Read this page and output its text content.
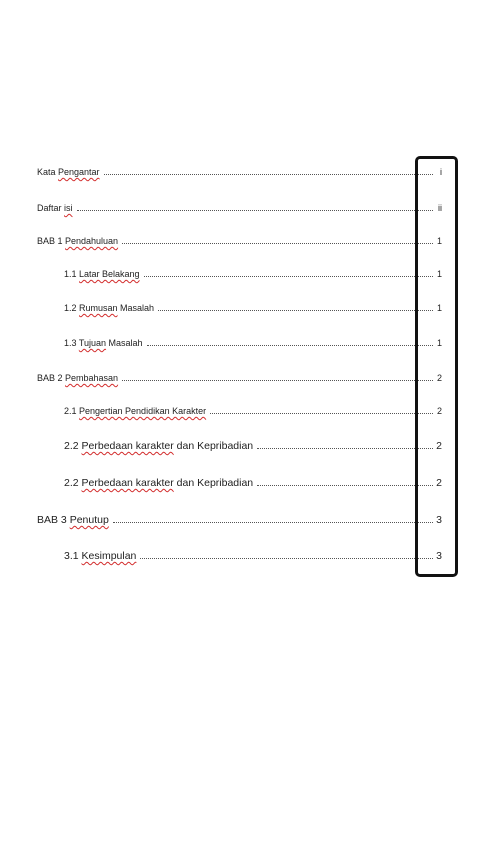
Kata Pengantar	i
Daftar isi	ii
BAB 1 Pendahuluan	1
1.1 Latar Belakang	1
1.2 Rumusan Masalah	1
1.3 Tujuan Masalah	1
BAB 2 Pembahasan	2
2.1 Pengertian Pendidikan Karakter	2
2.2 Perbedaan karakter dan Kepribadian	2
2.2 Perbedaan karakter dan Kepribadian	2
BAB 3 Penutup	3
3.1 Kesimpulan	3
